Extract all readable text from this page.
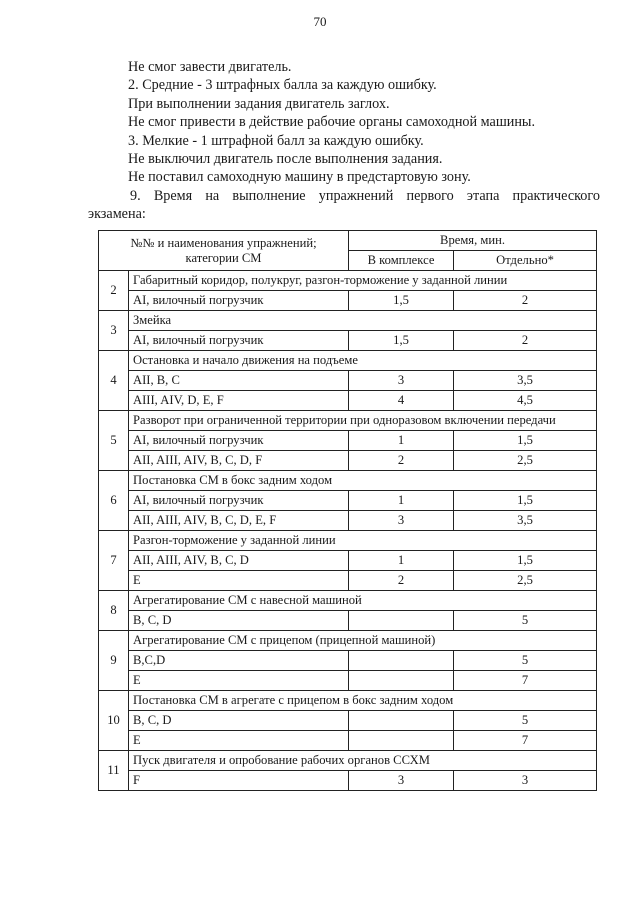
70
Не смог завести двигатель.
2. Средние - 3 штрафных балла за каждую ошибку.
При выполнении задания двигатель заглох.
Не смог привести в действие рабочие органы самоходной машины.
3. Мелкие - 1 штрафной балл за каждую ошибку.
Не выключил двигатель после выполнения задания.
Не поставил самоходную машину в предстартовую зону.
9. Время на выполнение упражнений первого этапа практического
экзамена:
№№ и наименования упражнений;
категории СМ		Время, мин.	
		В комплексе	Отдельно*
2	Габаритный коридор, полукруг, разгон-торможение у заданной линии		
	AI, вилочный погрузчик	1,5	2
3	Змейка		
	AI, вилочный погрузчик	1,5	2
4	Остановка и начало движения на подъеме		
	AII, B, C	3	3,5
	AIII, AIV, D, E, F	4	4,5
5	Разворот при ограниченной территории при одноразовом включении передачи		
	AI, вилочный погрузчик	1	1,5
	AII, AIII, AIV, B, C, D, F	2	2,5
6	Постановка СМ в бокс задним ходом		
	AI, вилочный погрузчик	1	1,5
	AII, AIII, AIV, B, C, D, E, F	3	3,5
7	Разгон-торможение у заданной линии		
	AII, AIII, AIV, B, C, D	1	1,5
	E	2	2,5
8	Агрегатирование СМ с навесной машиной		
	B, C, D		5
9	Агрегатирование СМ с прицепом (прицепной машиной)		
	B,C,D		5
	E		7
10	Постановка СМ в агрегате с прицепом в бокс задним ходом		
	B, C, D		5
	E		7
11	Пуск двигателя и опробование рабочих органов ССХМ		
	F	3	3
